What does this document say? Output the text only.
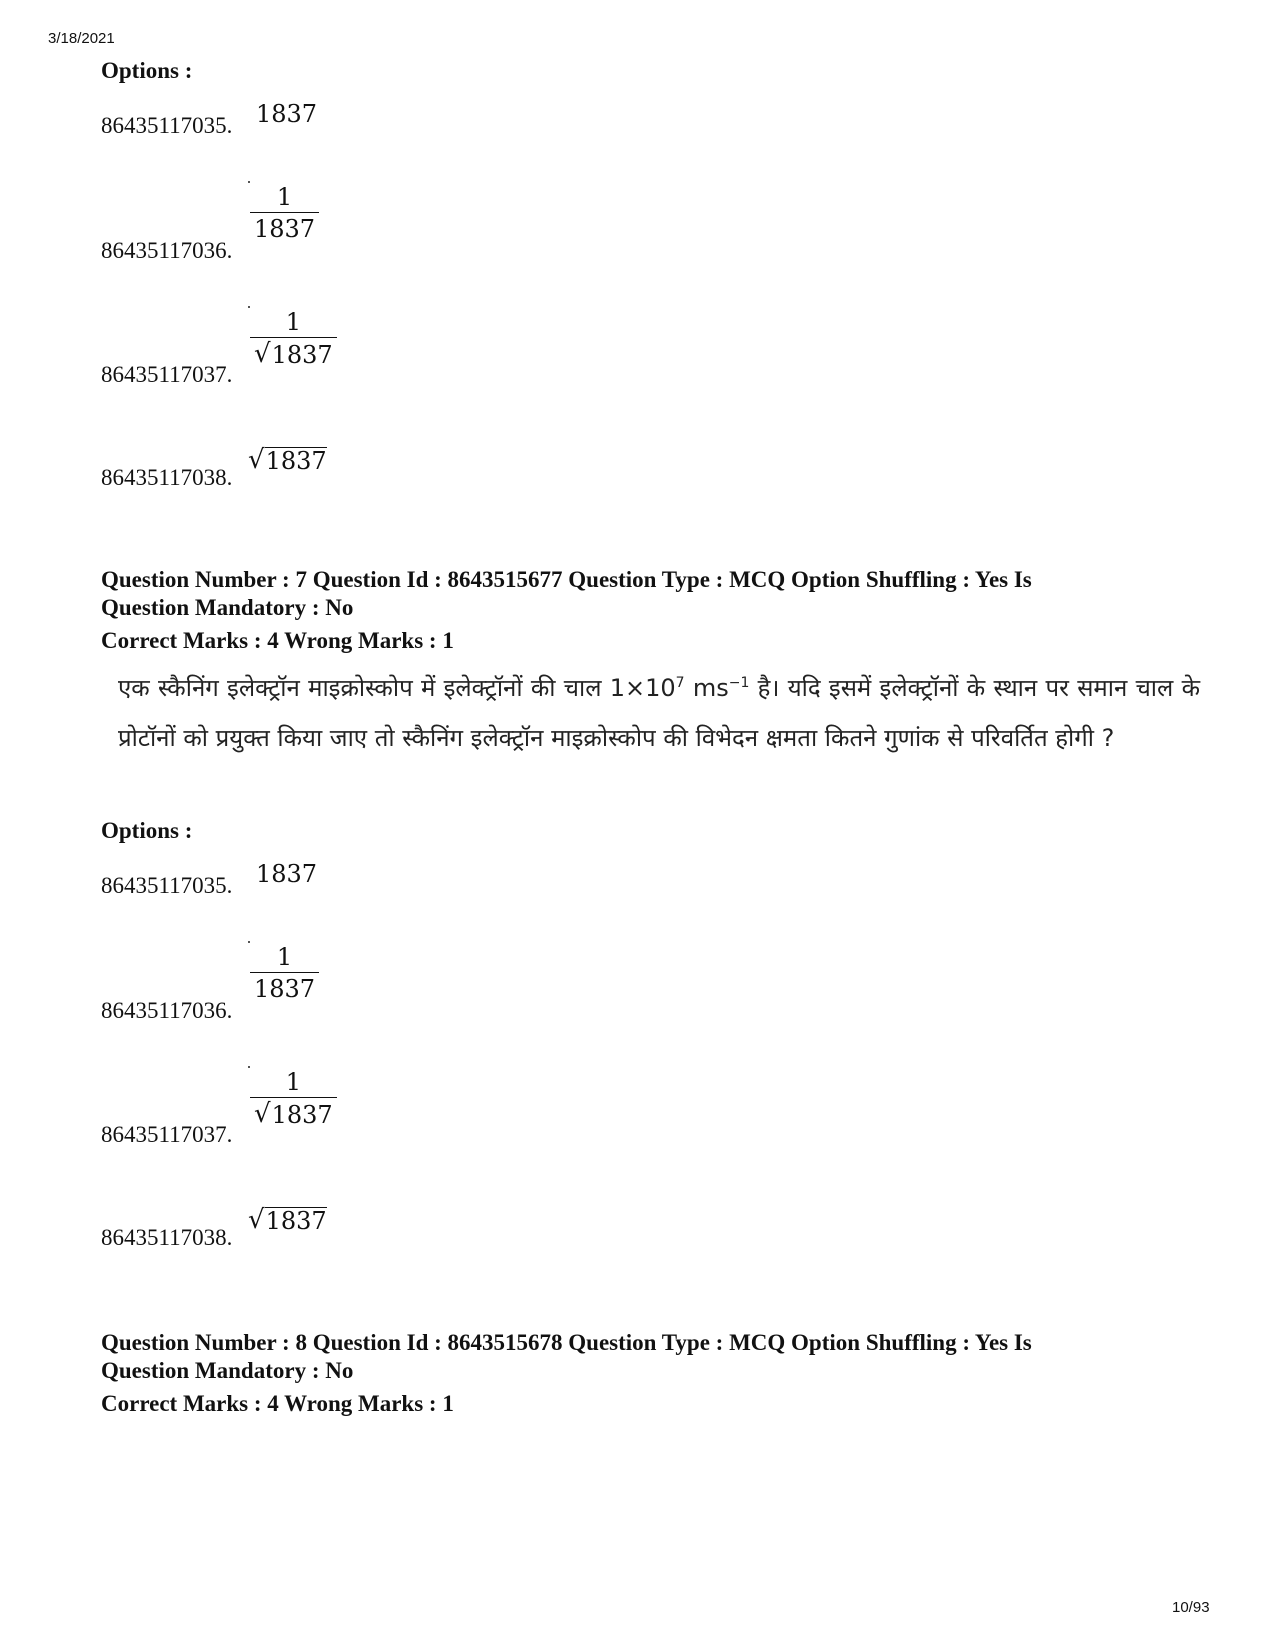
3/18/2021
Options :
86435117035. 1837
86435117036.
$\frac{1}{1837}$
86435117037.
$\frac{1}{√ 1837}$
86435117038.
√ 1837
Question Number : 7 Question Id : 8643515677 Question Type : MCQ Option Shuffling : Yes Is
Question Mandatory : No
Correct Marks : 4 Wrong Marks : 1
एक स्कैनिंग इलेक्ट्रॉन माइक्रोस्कोप में इलेक्ट्रॉनों की चाल $1\times 10^7$ $ms^{-1}$ है। यदि इसमें इलेक्ट्रॉनों के स्थान पर समान चाल के प्रोटॉनों को प्रयुक्त किया जाए तो स्कैनिंग इलेक्ट्रॉन माइक्रोस्कोप की विभेदन क्षमता कितने गुणांक से परिवर्तित होगी ?
Options :
86435117035. 1837
86435117036.
$\frac{1}{1837}$
86435117037.
$\frac{1}{√ 1837}$
86435117038.
√ 1837
Question Number : 8 Question Id : 8643515678 Question Type : MCQ Option Shuffling : Yes Is
Question Mandatory : No
Correct Marks : 4 Wrong Marks : 1
10/93
